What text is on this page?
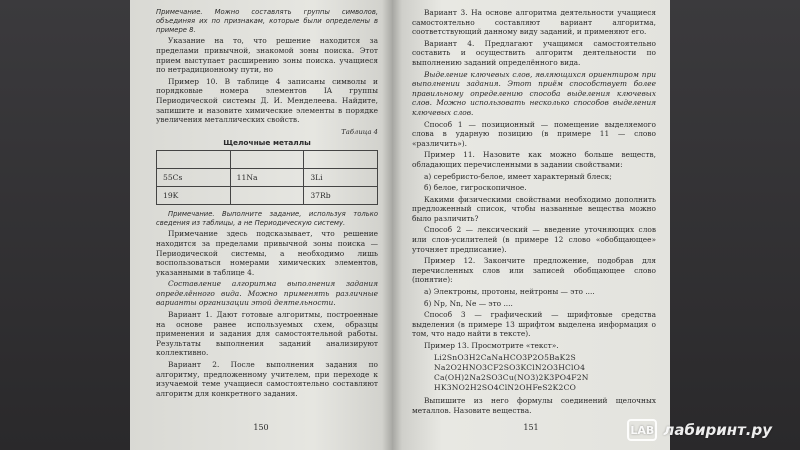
Примечание. Можно составлять группы символов, объединяя их по признакам, которые были определены в примере 8.

Указание на то, что решение находится за пределами привычной, знакомой зоны поиска. Этот прием выступает расширению зоны поиска. учащиеся по нетрадиционному пути, но

Пример 10. В таблице 4 записаны символы и порядковые номера элементов IA группы Периодической системы Д. И. Менделеева. Найдите, запишите и назовите химические элементы в порядке увеличения металлических свойств.

Таблица 4
Щелочные металлы

55Cs	11Na	3Li
19K		37Rb

Примечание. Выполните задание, используя только сведения из таблицы, а не Периодическую систему.

Примечание здесь подсказывает, что решение находится за пределами привычной зоны поиска — Периодической системы, а необходимо лишь воспользоваться номерами химических элементов, указанными в таблице 4.

Составление алгоритма выполнения задания определённого вида. Можно применять различные варианты организации этой деятельности.

Вариант 1. Дают готовые алгоритмы, построенные на основе ранее используемых схем, образцы применения и задания для самостоятельной работы. Результаты выполнения заданий анализируют коллективно.

Вариант 2. После выполнения задания по алгоритму, предложенному учителем, при переходе к изучаемой теме учащиеся самостоятельно составляют алгоритм для конкретного задания.

150

Вариант 3. На основе алгоритма деятельности учащиеся самостоятельно составляют вариант алгоритма, соответствующий данному виду заданий, и применяют его.

Вариант 4. Предлагают учащимся самостоятельно составить и осуществить алгоритм деятельности по выполнению заданий определённого вида.

Выделение ключевых слов, являющихся ориентиром при выполнении задания. Этот приём способствует более правильному определению способа выделения ключевых слов. Можно использовать несколько способов выделения ключевых слов.

Способ 1 — позиционный — помещение выделяемого слова в ударную позицию (в примере 11 — слово «различить»).

Пример 11. Назовите как можно больше веществ, обладающих перечисленными в задании свойствами:

а) серебристо-белое, имеет характерный блеск;

б) белое, гигроскопичное.

Какими физическими свойствами необходимо дополнить предложенный список, чтобы названные вещества можно было различить?

Способ 2 — лексический — введение уточняющих слов или слов-усилителей (в примере 12 слово «обобщающее» уточняет предписание).

Пример 12. Закончите предложение, подобрав для перечисленных слов или записей обобщающее слово (понятие):

а) Электроны, протоны, нейтроны — это ....

б) Np, Nn, Ne — это ....

Способ 3 — графический — шрифтовые средства выделения (в примере 13 шрифтом выделена информация о том, что надо найти в тексте).

Пример 13. Просмотрите «текст».

Li2SnO3H2CaNaHCO3P2O5BaK2S
Na2O2HNO3CF2SO3KClN2O3HClO4
Ca(OH)2Na2SO3Cu(NO3)2K3PO4F2N
HK3NO2H2SO4ClN2OHFeS2K2CO

Выпишите из него формулы соединений щелочных металлов. Назовите вещества.

151	LAB лабиринт.ру
